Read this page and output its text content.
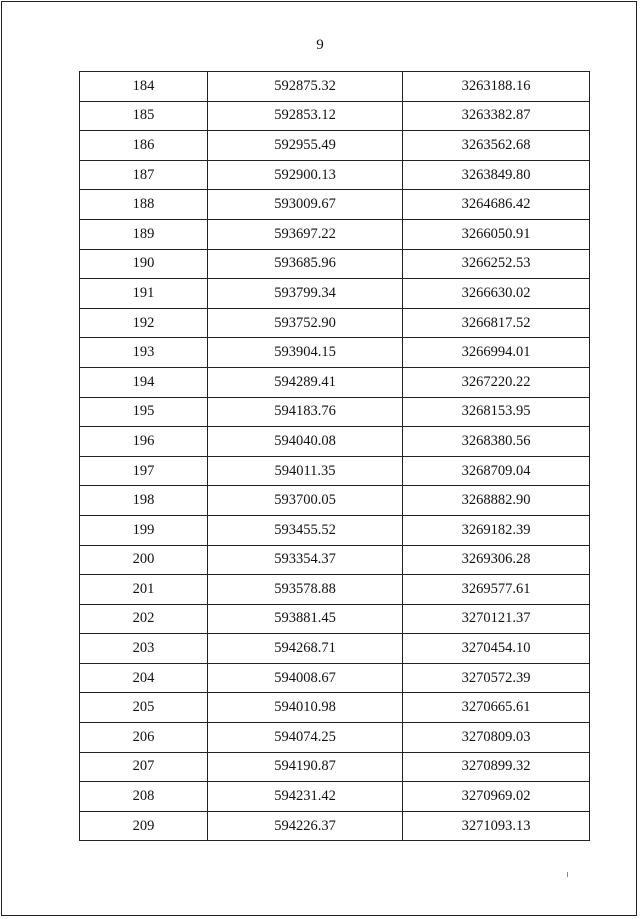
9
184	592875.32	3263188.16
185	592853.12	3263382.87
186	592955.49	3263562.68
187	592900.13	3263849.80
188	593009.67	3264686.42
189	593697.22	3266050.91
190	593685.96	3266252.53
191	593799.34	3266630.02
192	593752.90	3266817.52
193	593904.15	3266994.01
194	594289.41	3267220.22
195	594183.76	3268153.95
196	594040.08	3268380.56
197	594011.35	3268709.04
198	593700.05	3268882.90
199	593455.52	3269182.39
200	593354.37	3269306.28
201	593578.88	3269577.61
202	593881.45	3270121.37
203	594268.71	3270454.10
204	594008.67	3270572.39
205	594010.98	3270665.61
206	594074.25	3270809.03
207	594190.87	3270899.32
208	594231.42	3270969.02
209	594226.37	3271093.13
